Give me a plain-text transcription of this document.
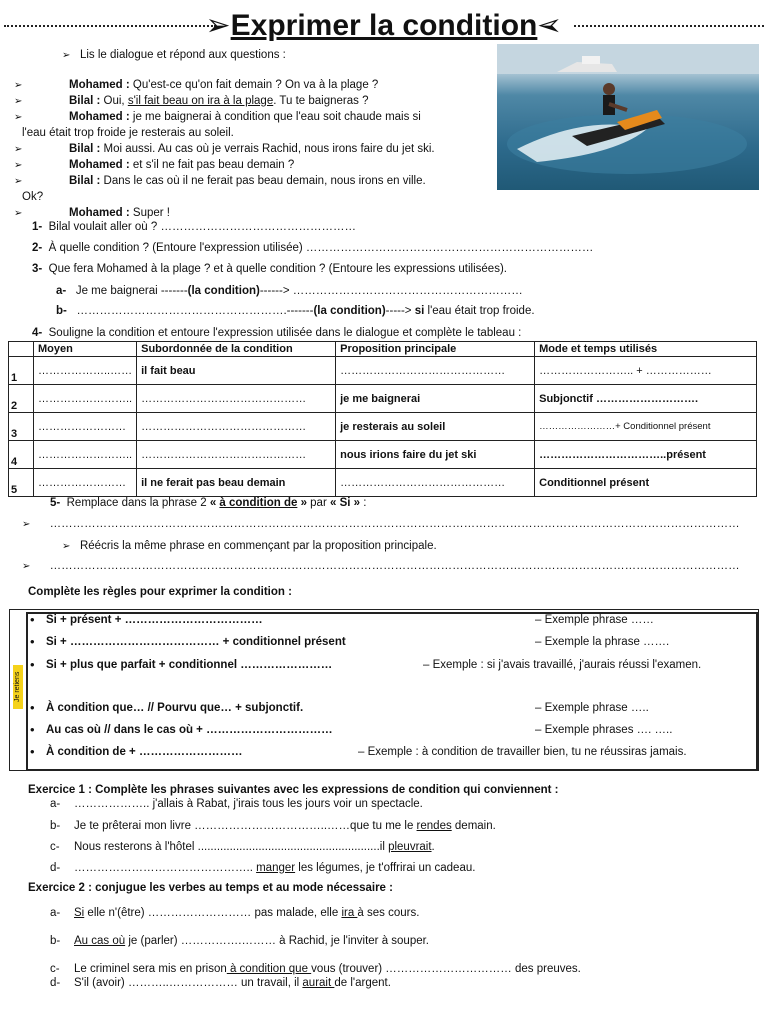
➢Exprimer la condition➢
➢ Lis le dialogue et répond aux questions :
➢	Mohamed : Qu'est-ce qu'on fait demain ? On va à la plage ?
➢	Bilal : Oui, s'il fait beau on ira à la plage. Tu te baigneras ?
➢	Mohamed : je me baignerai à condition que l'eau soit chaude mais si
l'eau était trop froide je resterais au soleil.
➢	Bilal : Moi aussi. Au cas où je verrais Rachid, nous irons faire du jet ski.
➢	Mohamed : et s'il ne fait pas beau demain ?
➢	Bilal : Dans le cas où il ne ferait pas beau demain, nous irons en ville.
Ok?
➢	Mohamed : Super !
1- Bilal voulait aller où ? ……………………………………………
2- À quelle condition ? (Entoure l'expression utilisée) …………………………………………………………………
3- Que fera Mohamed à la plage ? et à quelle condition ? (Entoure les expressions utilisées).
a- Je me baignerai -------(la condition)------> ……………………………………………………
b- ……………………………………………….-------(la condition)-----> si l'eau était trop froide.
4- Souligne la condition et entoure l'expression utilisée dans le dialogue et complète le tableau :
	Moyen	Subordonnée de la condition	Proposition principale	Mode et temps utilisés
1	………………..……	il fait beau	………………………………………	…………………….. + ………………
2	……………………..	………………………………………	je me baignerai	Subjonctif ……………………….
3	……………………	………………………………………	je resterais au soleil	……………………+ Conditionnel présent
4	……………………..	………………………………………	nous irions faire du jet ski	……………………………..présent
5	……………………	il ne ferait pas beau demain	………………………………………	Conditionnel présent
5- Remplace dans la phrase 2 « à condition de » par « Si » :
➢ ………………………………………………………………………………………………………………………………………………………………
➢ Réécris la même phrase en commençant par la proposition principale.
➢ ………………………………………………………………………………………………………………………………………………………………
Complète les règles pour exprimer la condition :
Je retiens
• Si + présent + ………………………………	– Exemple phrase ……
• Si + ………………………………… + conditionnel présent	– Exemple la phrase …….
• Si + plus que parfait + conditionnel ……………………	– Exemple : si j'avais travaillé, j'aurais réussi l'examen.
• À condition que… // Pourvu que… + subjonctif.	– Exemple phrase …..
• Au cas où // dans le cas où + ……………………………	– Exemple phrases …. …..
• À condition de + ………………………	– Exemple : à condition de travailler bien, tu ne réussiras jamais.
Exercice 1 : Complète les phrases suivantes avec les expressions de condition qui conviennent :
a- ……………….. j'allais à Rabat, j'irais tous les jours voir un spectacle.
b- Je te prêterai mon livre ……………………………..……que tu me le rendes demain.
c- Nous resterons à l'hôtel .........................................................il pleuvrait.
d- ……………………………………….. manger les légumes, je t'offrirai un cadeau.
Exercice 2 : conjugue les verbes au temps et au mode nécessaire :
a- Si elle n'(être) ……………………… pas malade, elle ira à ses cours.
b- Au cas où je (parler) …………….……… à Rachid, je l'inviter à souper.
c- Le criminel sera mis en prison à condition que vous (trouver) …………………………… des preuves.
d- S'il (avoir) ………..……………… un travail, il aurait de l'argent.
